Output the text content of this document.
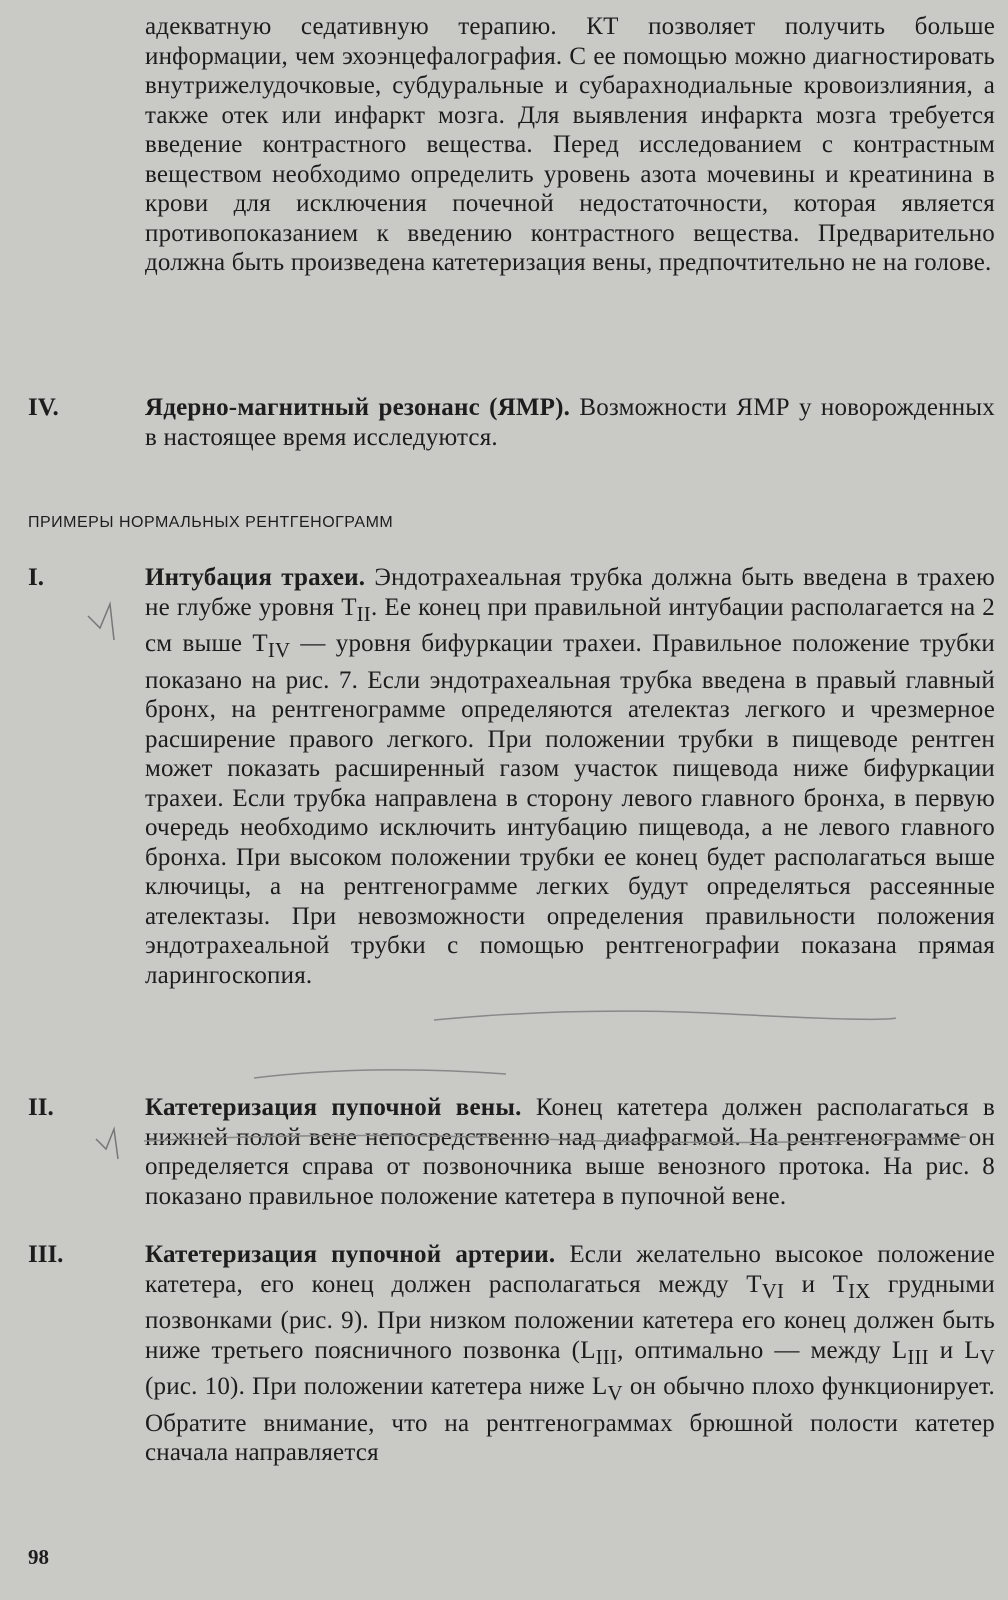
адекватную седативную терапию. КТ позволяет получить больше информации, чем эхоэнцефалография. С ее помощью можно диагностировать внутрижелудочковые, субдуральные и субарахнодиальные кровоизлияния, а также отек или инфаркт мозга. Для выявления инфаркта мозга требуется введение контрастного вещества. Перед исследованием с контрастным веществом необходимо определить уровень азота мочевины и креатинина в крови для исключения почечной недостаточности, которая является противопоказанием к введению контрастного вещества. Предварительно должна быть произведена катетеризация вены, предпочтительно не на голове.

IV.	Ядерно-магнитный резонанс (ЯМР). Возможности ЯМР у новорожденных в настоящее время исследуются.

ПРИМЕРЫ НОРМАЛЬНЫХ РЕНТГЕНОГРАММ
I.	Интубация трахеи. Эндотрахеальная трубка должна быть введена в трахею не глубже уровня $T_{II}$. Ее конец при правильной интубации располагается на 2 см выше $T_{IV}$ — уровня бифуркации трахеи. Правильное положение трубки показано на рис. 7. Если эндотрахеальная трубка введена в правый главный бронх, на рентгенограмме определяются ателектаз легкого и чрезмерное расширение правого легкого. При положении трубки в пищеводе рентген может показать расширенный газом участок пищевода ниже бифуркации трахеи. Если трубка направлена в сторону левого главного бронха, в первую очередь необходимо исключить интубацию пищевода, а не левого главного бронха. При высоком положении трубки ее конец будет располагаться выше ключицы, а на рентгенограмме легких будут определяться рассеянные ателектазы. При невозможности определения правильности положения эндотрахеальной трубки с помощью рентгенографии показана прямая ларингоскопия.

II.	Катетеризация пупочной вены. Конец катетера должен располагаться в нижней полой вене непосредственно над диафрагмой. На рентгенограмме он определяется справа от позвоночника выше венозного протока. На рис. 8 показано правильное положение катетера в пупочной вене.

III.	Катетеризация пупочной артерии. Если желательно высокое положение катетера, его конец должен располагаться между $T_{VI}$ и $T_{IX}$ грудными позвонками (рис. 9). При низком положении катетера его конец должен быть ниже третьего поясничного позвонка ($L_{III}$, оптимально — между $L_{III}$ и $L_V$ (рис. 10). При положении катетера ниже $L_V$ он обычно плохо функционирует. Обратите внимание, что на рентгенограммах брюшной полости катетер сначала направляется

98
